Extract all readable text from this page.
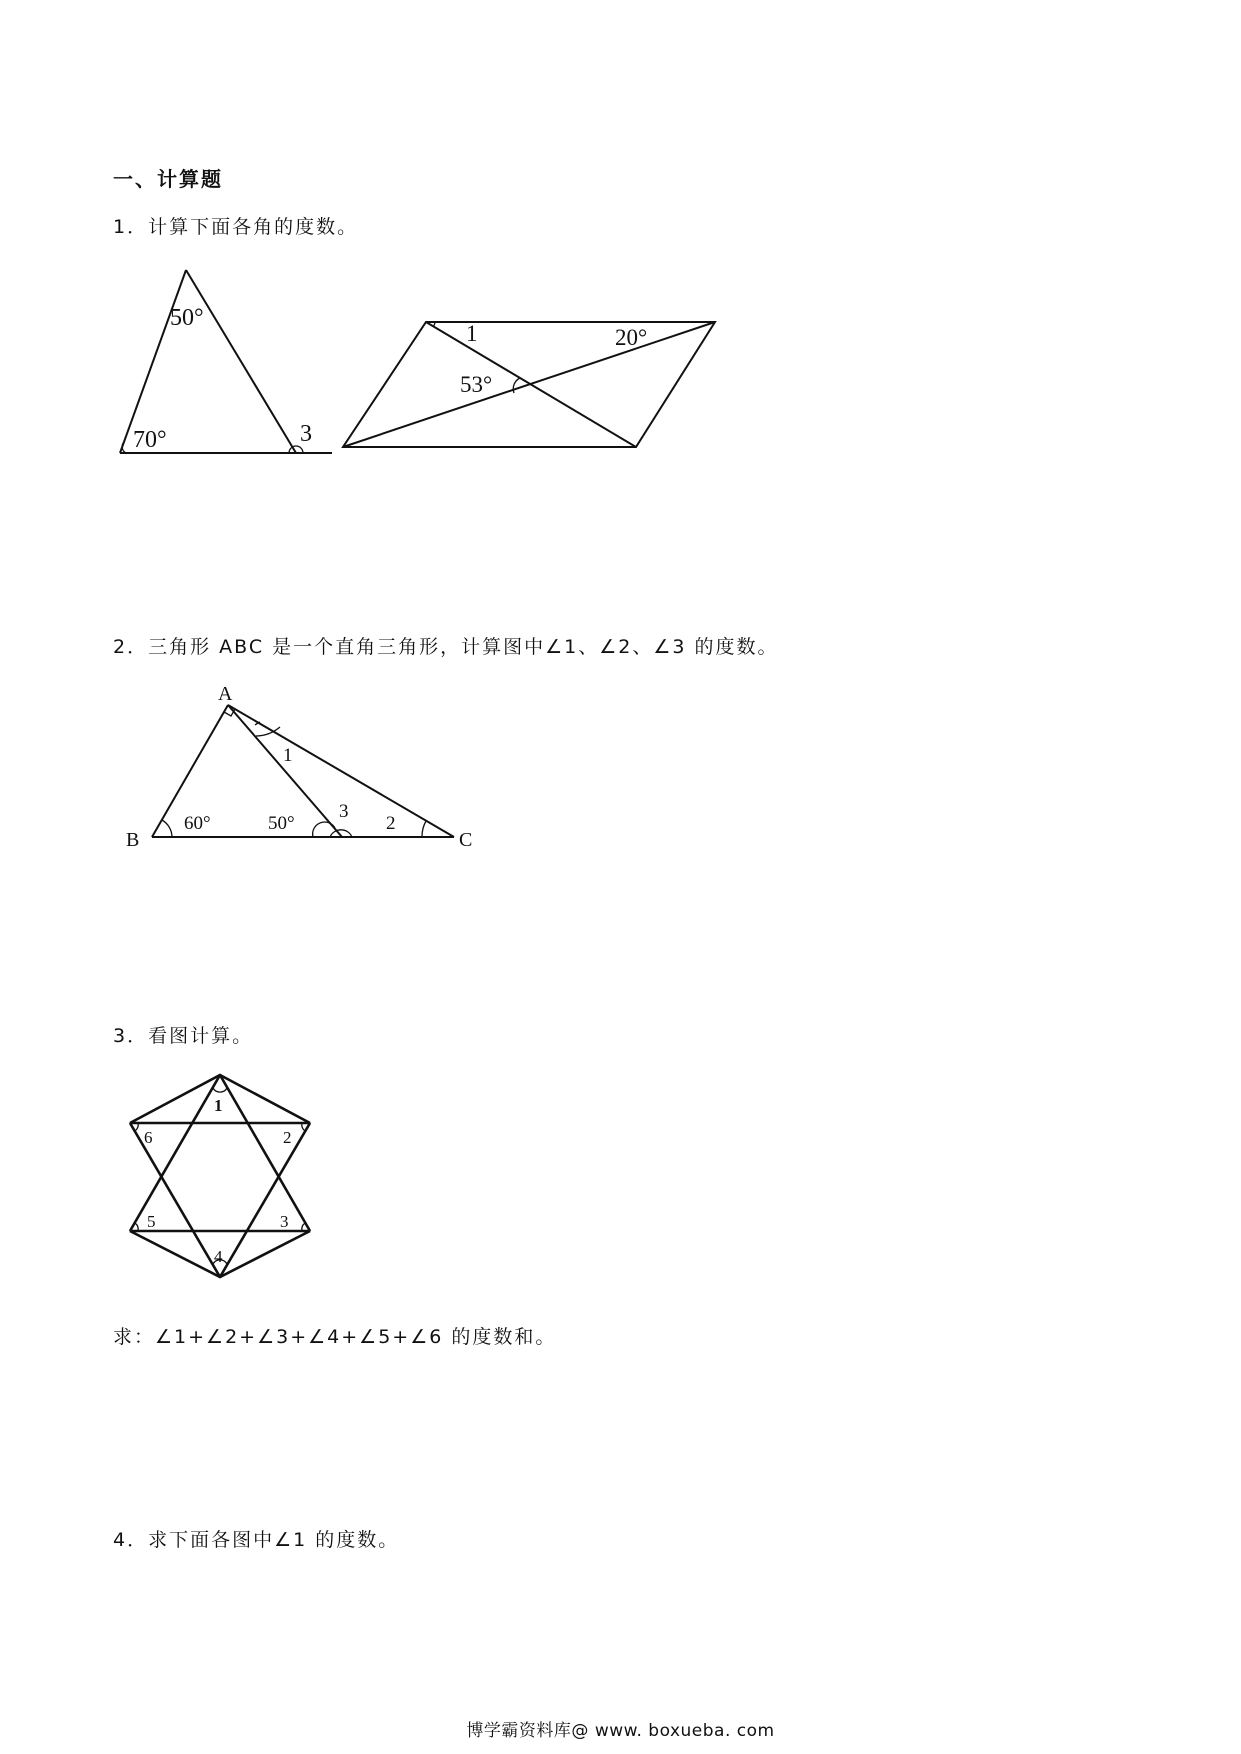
一、计算题
1．计算下面各角的度数。
50°
70°	3
1	20°
53°
2．三角形 ABC 是一个直角三角形，计算图中∠1、∠2、∠3 的度数。
A
B	C
60°	50°
1
2
3
3．看图计算。
1
2
3
4
5
6
求：∠1+∠2+∠3+∠4+∠5+∠6 的度数和。
4．求下面各图中∠1 的度数。
博学霸资料库@ www. boxueba. com
